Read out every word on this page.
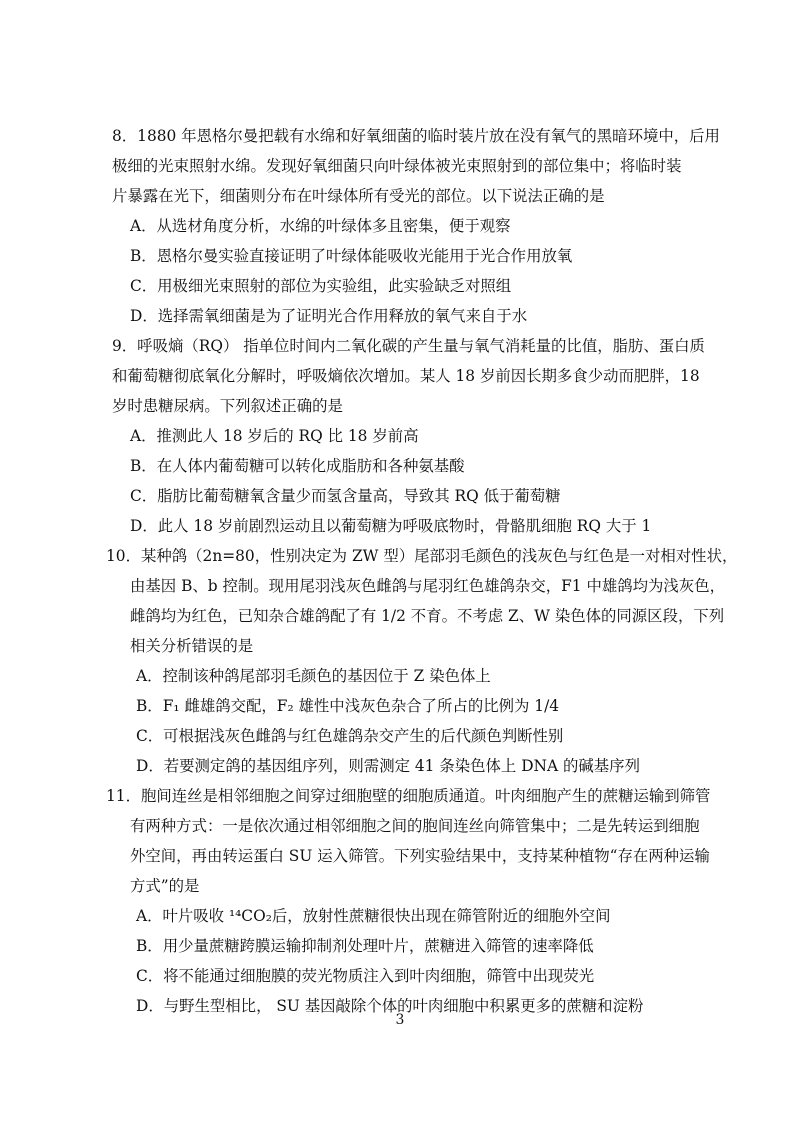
8．1880 年恩格尔曼把载有水绵和好氧细菌的临时装片放在没有氧气的黑暗环境中，后用
极细的光束照射水绵。发现好氧细菌只向叶绿体被光束照射到的部位集中；将临时装
片暴露在光下，细菌则分布在叶绿体所有受光的部位。以下说法正确的是
A．从选材角度分析，水绵的叶绿体多且密集，便于观察
B．恩格尔曼实验直接证明了叶绿体能吸收光能用于光合作用放氧
C．用极细光束照射的部位为实验组，此实验缺乏对照组
D．选择需氧细菌是为了证明光合作用释放的氧气来自于水
9．呼吸熵（RQ） 指单位时间内二氧化碳的产生量与氧气消耗量的比值，脂肪、蛋白质
和葡萄糖彻底氧化分解时，呼吸熵依次增加。某人 18 岁前因长期多食少动而肥胖，18
岁时患糖尿病。下列叙述正确的是
A．推测此人 18 岁后的 RQ 比 18 岁前高
B．在人体内葡萄糖可以转化成脂肪和各种氨基酸
C．脂肪比葡萄糖氧含量少而氢含量高，导致其 RQ 低于葡萄糖
D．此人 18 岁前剧烈运动且以葡萄糖为呼吸底物时，骨骼肌细胞 RQ 大于 1
10．某种鸽（2n=80，性别决定为 ZW 型）尾部羽毛颜色的浅灰色与红色是一对相对性状，
由基因 B、b 控制。现用尾羽浅灰色雌鸽与尾羽红色雄鸽杂交，F1 中雄鸽均为浅灰色，
雌鸽均为红色，已知杂合雄鸽配了有 1/2 不育。不考虑 Z、W 染色体的同源区段，下列
相关分析错误的是
A．控制该种鸽尾部羽毛颜色的基因位于 Z 染色体上
B．F₁ 雌雄鸽交配，F₂ 雄性中浅灰色杂合了所占的比例为 1/4
C．可根据浅灰色雌鸽与红色雄鸽杂交产生的后代颜色判断性别
D．若要测定鸽的基因组序列，则需测定 41 条染色体上 DNA 的碱基序列
11．胞间连丝是相邻细胞之间穿过细胞壁的细胞质通道。叶肉细胞产生的蔗糖运输到筛管
有两种方式：一是依次通过相邻细胞之间的胞间连丝向筛管集中；二是先转运到细胞
外空间，再由转运蛋白 SU 运入筛管。下列实验结果中，支持某种植物“存在两种运输
方式”的是
A．叶片吸收 ¹⁴CO₂后，放射性蔗糖很快出现在筛管附近的细胞外空间
B．用少量蔗糖跨膜运输抑制剂处理叶片，蔗糖进入筛管的速率降低
C．将不能通过细胞膜的荧光物质注入到叶肉细胞，筛管中出现荧光
D．与野生型相比， SU 基因敲除个体的叶肉细胞中积累更多的蔗糖和淀粉
3
